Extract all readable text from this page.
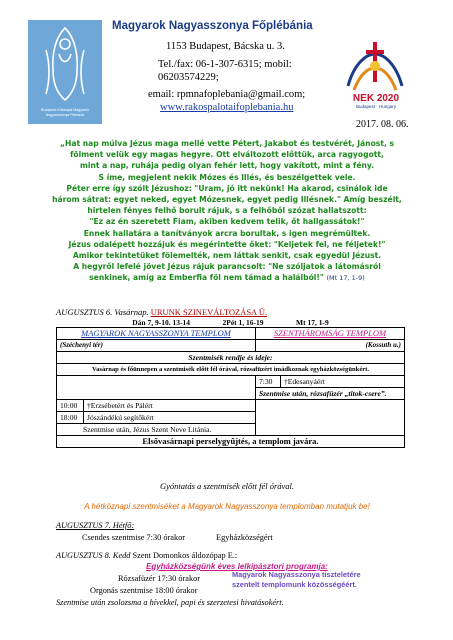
Budapest-Kőbányai Magyarok Nagyasszonya Plébánia
Magyarok Nagyasszonya Főplébánia
1153 Budapest, Bácska u. 3.
Tel./fax: 06-1-307-6315; mobil:
06203574229;
email: rpmnafoplebania@gmail.com;
www.rakospalotaifoplebania.hu
NEK 2020
Budapest · Hungary
2017. 08. 06.
„Hat nap múlva Jézus maga mellé vette Pétert, Jakabot és testvérét, Jánost, s
fölment velük egy magas hegyre. Ott elváltozott előttük, arca ragyogott,
mint a nap, ruhája pedig olyan fehér lett, hogy vakított, mint a fény.
S íme, megjelent nekik Mózes és Illés, és beszélgettek vele.
Péter erre így szólt Jézushoz: "Uram, jó itt nekünk! Ha akarod, csinálok ide
három sátrat: egyet neked, egyet Mózesnek, egyet pedig Illésnek." Amíg beszélt,
hirtelen fényes felhő borult rájuk, s a felhőből szózat hallatszott:
"Ez az én szeretett Fiam, akiben kedvem telik, őt hallgassátok!"
Ennek hallatára a tanítványok arcra borultak, s igen megrémültek.
Jézus odalépett hozzájuk és megérintette őket: "Keljetek fel, ne féljetek!"
Amikor tekintetüket fölemelték, nem láttak senkit, csak egyedül Jézust.
A hegyről lefelé jövet Jézus rájuk parancsolt: "Ne szóljatok a látomásról
senkinek, amíg az Emberfia föl nem támad a halálból!" (Mt 17, 1-9)
AUGUSZTUS 6. Vasárnap. URUNK SZINEVÁLTOZÁSA Ü.
Dán 7, 9-10. 13-14	2Pét 1, 16-19	Mt 17, 1-9
MAGYAROK NAGYASSZONYA TEMPLOM		SZENTHÁROMSÁG TEMPLOM	
(Széchenyi tér)		(Kossuth u.)	
Szentmisék rendje és ideje:			
Vasárnap és főünnepen a szentmisék előtt fél órával, rózsafüzért imádkoznak egyházközségünkért.			
		7:30	†Edesanyáért
		Szentmise után, rózsafüzér „titok-csere”.	
10:00	†Erzsébetért és Pálért		
18:00	Jószándékú segítőkért		
Szentmise után, Jézus Szent Neve Litánia.			
Elsővasárnapi perselygyűjtés, a templom javára.			
Gyóntatás a szentmisék előtt fél órával.
A hétköznapi szentmiséket a Magyarok Nagyasszonya templomban mutatjuk be!
AUGUSZTUS 7. Hétfő:
Csendes szentmise 7:30 órakor	Egyházközségért
AUGUSZTUS 8. Kedd Szent Domonkos áldozópap E.:
Egyházközségünk éves lelkipásztori programja:
Rózsafüzér 17:30 órakor
Orgonás szentmise 18:00 órakor
Magyarok Nagyasszonya tiszteletére szentelt templomunk közösségéért.
Szentmise után zsolozsma a hívekkel, papi és szerzetesi hivatásokért.
